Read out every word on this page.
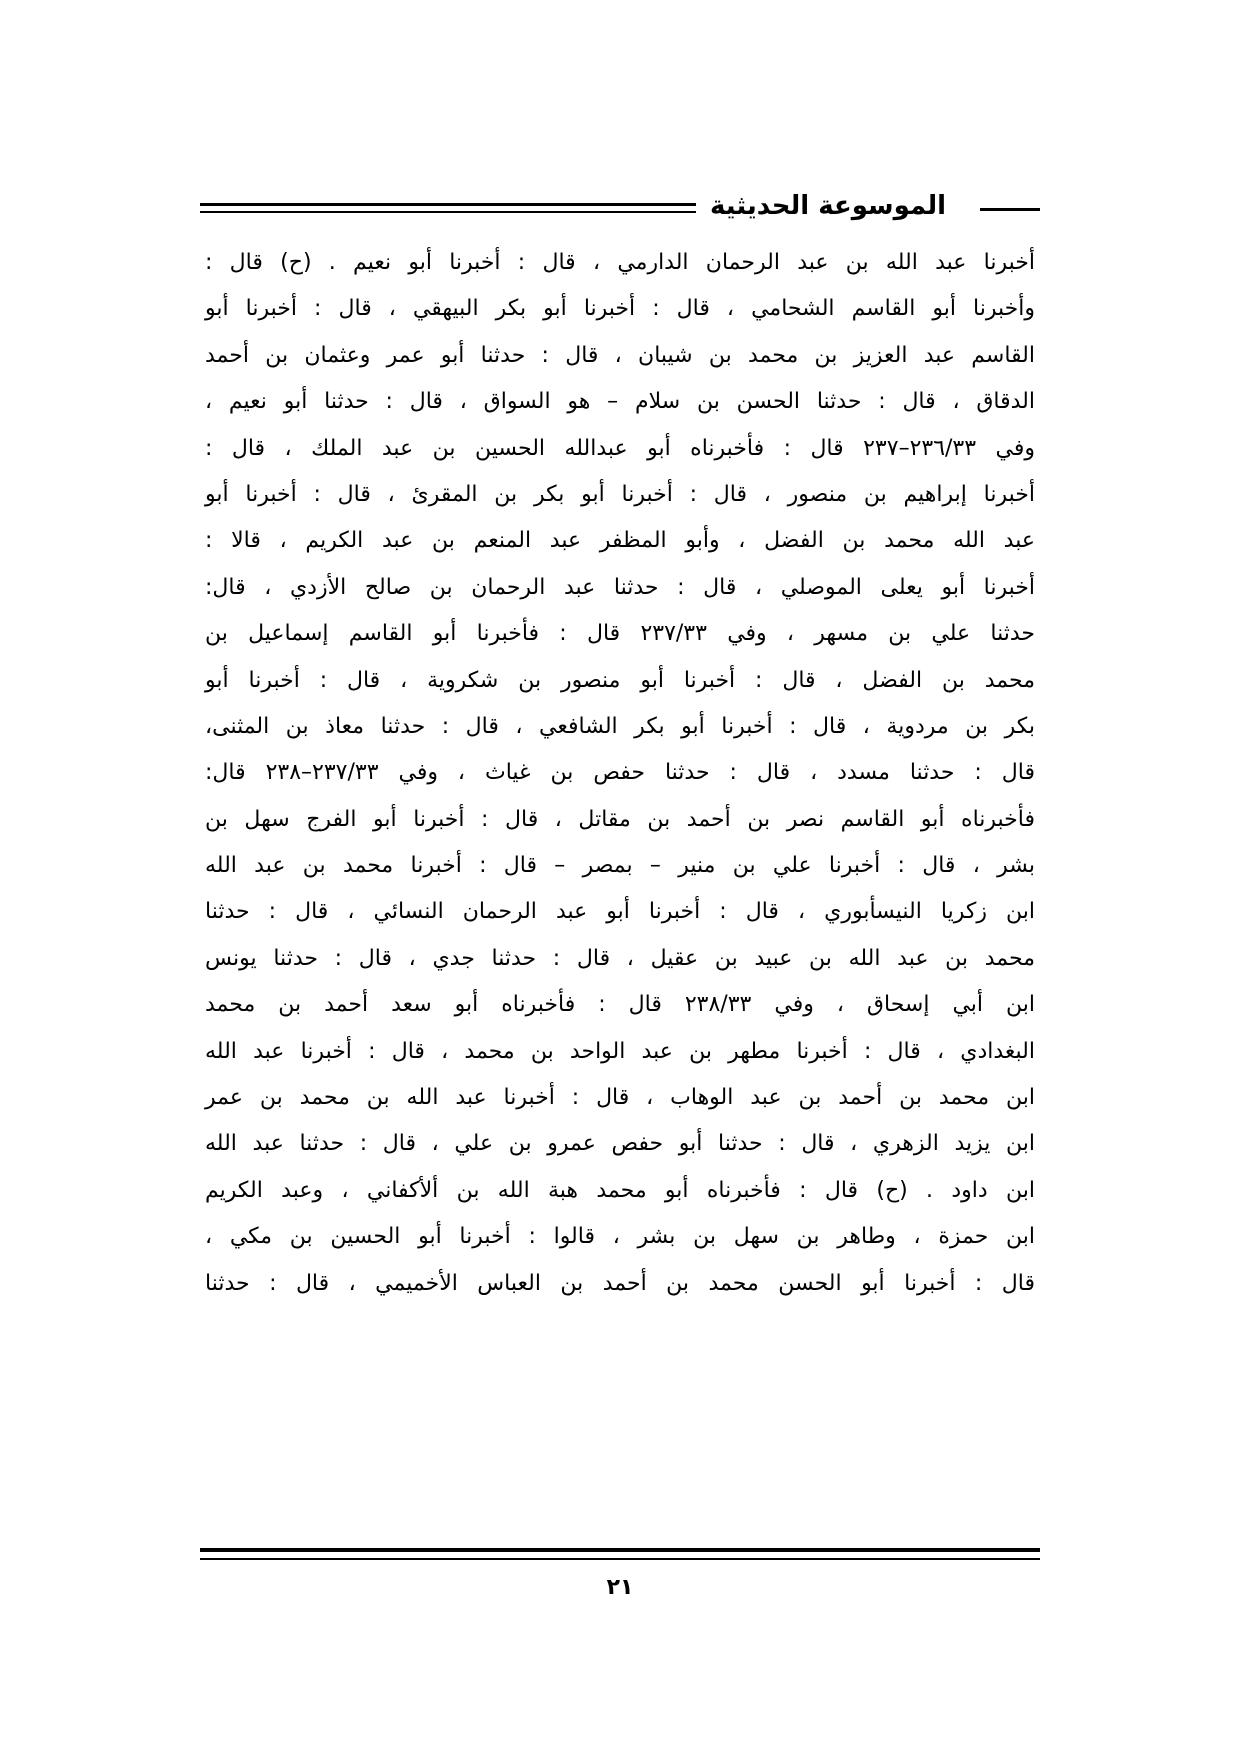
الموسوعة الحديثية
أخبرنا عبد الله بن عبد الرحمان الدارمي ، قال : أخبرنا أبو نعيم . (ح) قال :
وأخبرنا أبو القاسم الشحامي ، قال : أخبرنا أبو بكر البيهقي ، قال : أخبرنا أبو
القاسم عبد العزيز بن محمد بن شيبان ، قال : حدثنا أبو عمر وعثمان بن أحمد
الدقاق ، قال : حدثنا الحسن بن سلام – هو السواق ، قال : حدثنا أبو نعيم ،
وفي ٢٣٦/٣٣–٢٣٧ قال : فأخبرناه أبو عبدالله الحسين بن عبد الملك ، قال :
أخبرنا إبراهيم بن منصور ، قال : أخبرنا أبو بكر بن المقرئ ، قال : أخبرنا أبو
عبد الله محمد بن الفضل ، وأبو المظفر عبد المنعم بن عبد الكريم ، قالا :
أخبرنا أبو يعلى الموصلي ، قال : حدثنا عبد الرحمان بن صالح الأزدي ، قال:
حدثنا علي بن مسهر ، وفي ٢٣٧/٣٣ قال : فأخبرنا أبو القاسم إسماعيل بن
محمد بن الفضل ، قال : أخبرنا أبو منصور بن شكروية ، قال : أخبرنا أبو
بكر بن مردوية ، قال : أخبرنا أبو بكر الشافعي ، قال : حدثنا معاذ بن المثنى،
قال : حدثنا مسدد ، قال : حدثنا حفص بن غياث ، وفي ٢٣٧/٣٣–٢٣٨ قال:
فأخبرناه أبو القاسم نصر بن أحمد بن مقاتل ، قال : أخبرنا أبو الفرج سهل بن
بشر ، قال : أخبرنا علي بن منير – بمصر – قال : أخبرنا محمد بن عبد الله
ابن زكريا النيسأبوري ، قال : أخبرنا أبو عبد الرحمان النسائي ، قال : حدثنا
محمد بن عبد الله بن عبيد بن عقيل ، قال : حدثنا جدي ، قال : حدثنا يونس
ابن أبي إسحاق ، وفي ٢٣٨/٣٣ قال : فأخبرناه أبو سعد أحمد بن محمد
البغدادي ، قال : أخبرنا مطهر بن عبد الواحد بن محمد ، قال : أخبرنا عبد الله
ابن محمد بن أحمد بن عبد الوهاب ، قال : أخبرنا عبد الله بن محمد بن عمر
ابن يزيد الزهري ، قال : حدثنا أبو حفص عمرو بن علي ، قال : حدثنا عبد الله
ابن داود . (ح) قال : فأخبرناه أبو محمد هبة الله بن ألأكفاني ، وعبد الكريم
ابن حمزة ، وطاهر بن سهل بن بشر ، قالوا : أخبرنا أبو الحسين بن مكي ،
قال : أخبرنا أبو الحسن محمد بن أحمد بن العباس الأخميمي ، قال : حدثنا
٢١
